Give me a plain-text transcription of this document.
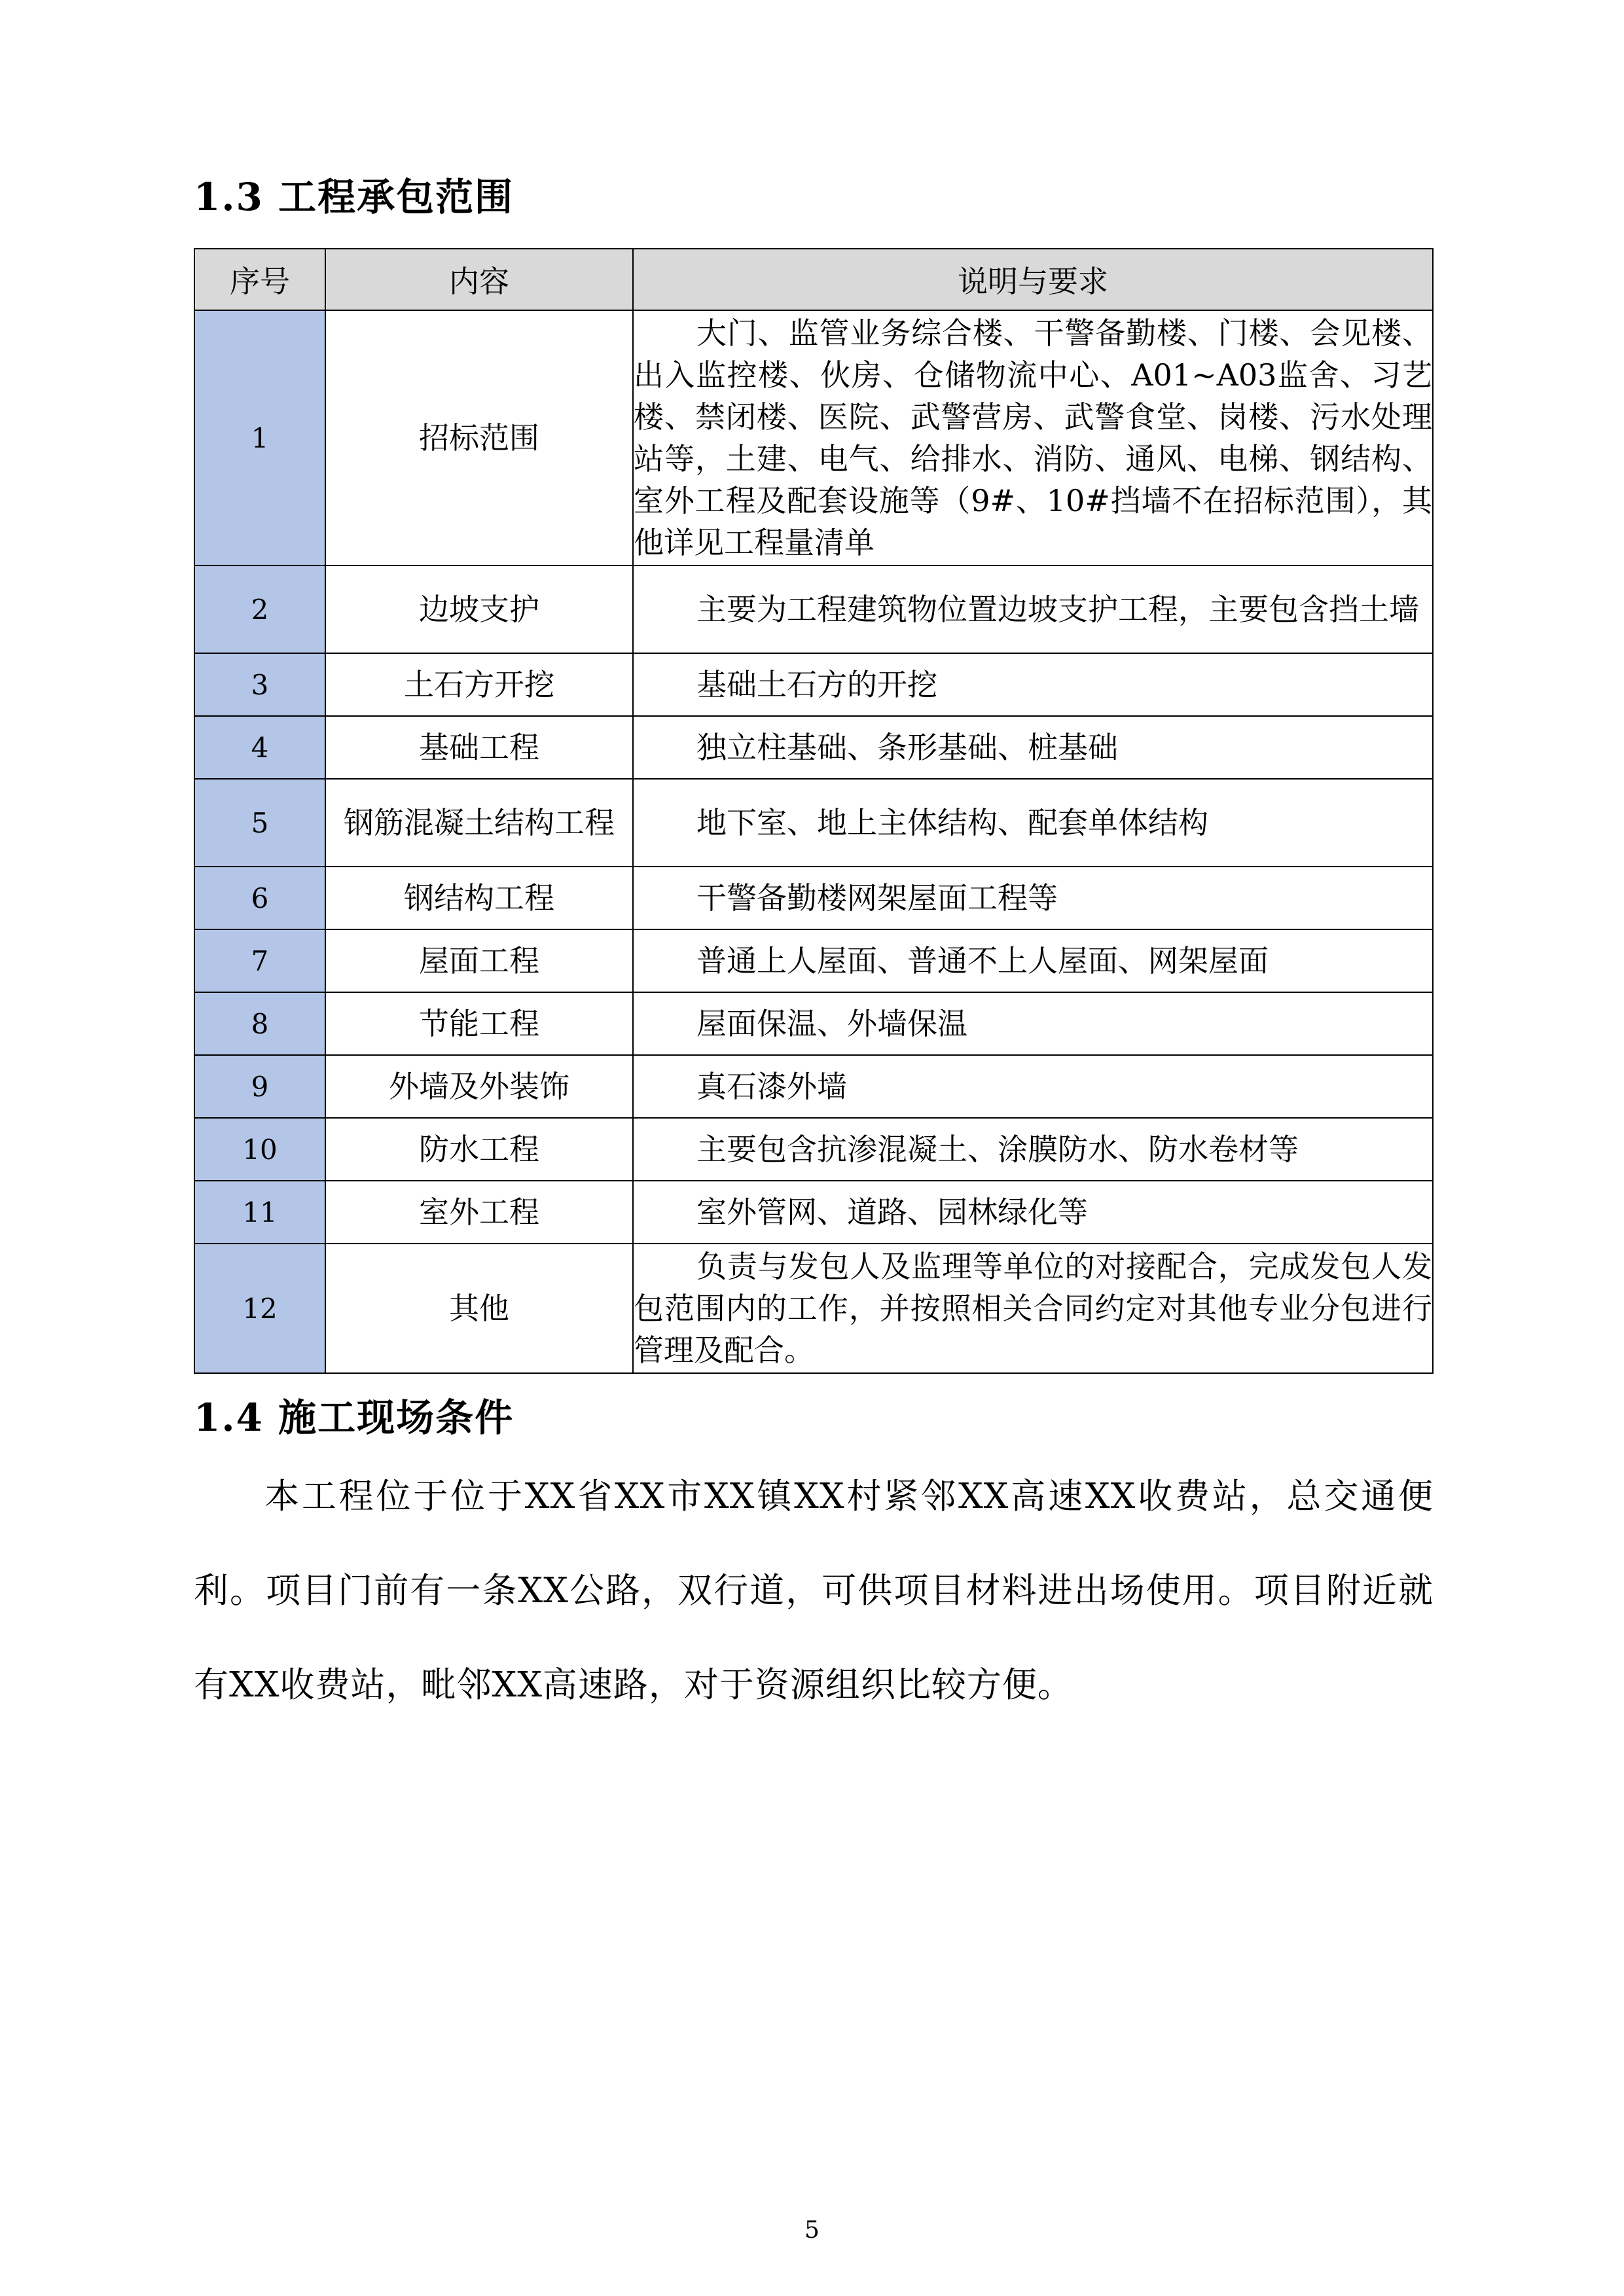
1.3 工程承包范围
序号	内容	说明与要求
1	招标范围	大门、监管业务综合楼、干警备勤楼、门楼、会见楼、出入监控楼、伙房、仓储物流中心、A01~A03监舍、习艺楼、禁闭楼、医院、武警营房、武警食堂、岗楼、污水处理站等，土建、电气、给排水、消防、通风、电梯、钢结构、室外工程及配套设施等（9#、10#挡墙不在招标范围），其他详见工程量清单
2	边坡支护	主要为工程建筑物位置边坡支护工程，主要包含挡土墙
3	土石方开挖	基础土石方的开挖
4	基础工程	独立柱基础、条形基础、桩基础
5	钢筋混凝土结构工程	地下室、地上主体结构、配套单体结构
6	钢结构工程	干警备勤楼网架屋面工程等
7	屋面工程	普通上人屋面、普通不上人屋面、网架屋面
8	节能工程	屋面保温、外墙保温
9	外墙及外装饰	真石漆外墙
10	防水工程	主要包含抗渗混凝土、涂膜防水、防水卷材等
11	室外工程	室外管网、道路、园林绿化等
12	其他	负责与发包人及监理等单位的对接配合，完成发包人发包范围内的工作，并按照相关合同约定对其他专业分包进行管理及配合。
1.4 施工现场条件

本工程位于位于XX省XX市XX镇XX村紧邻XX高速XX收费站，总交通便利。项目门前有一条XX公路，双行道，可供项目材料进出场使用。项目附近就有XX收费站，毗邻XX高速路，对于资源组织比较方便。

5
